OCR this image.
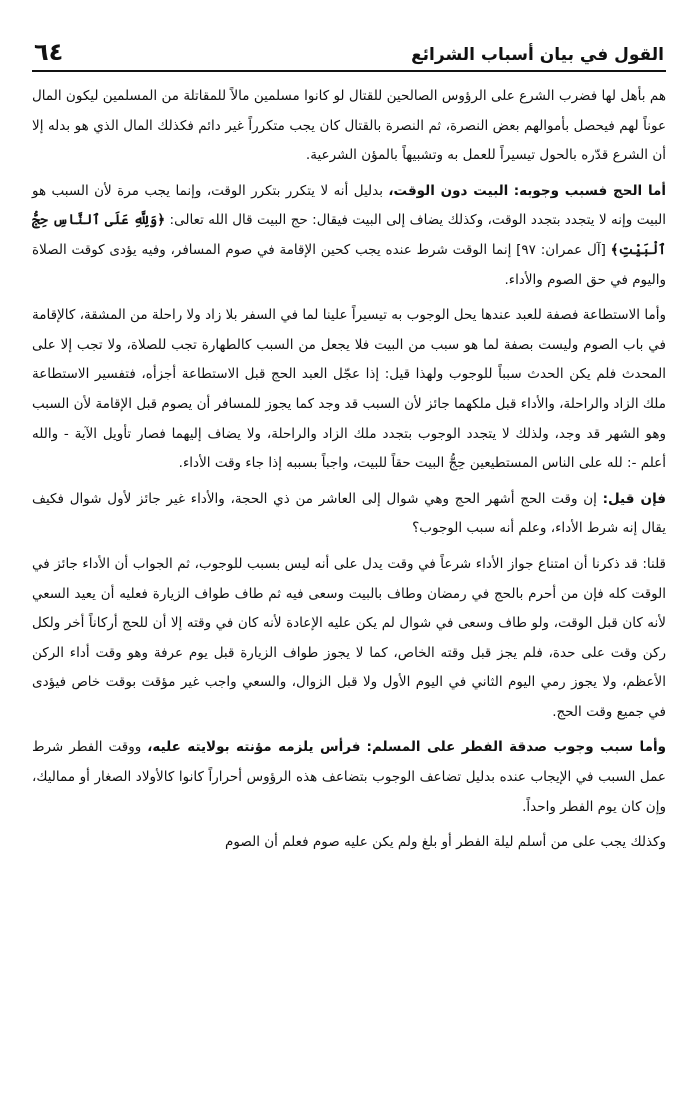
القول في بيان أسباب الشرائع
٦٤

هم بأهل لها فضرب الشرع على الرؤوس الصالحين للقتال لو كانوا مسلمين مالاً للمقاتلة من المسلمين ليكون المال عوناً لهم فيحصل بأموالهم بعض النصرة، ثم النصرة بالقتال كان يجب متكرراً غير دائم فكذلك المال الذي هو بدله إلا أن الشرع قدّره بالحول تيسيراً للعمل به وتشبيهاً بالمؤن الشرعية.

أما الحج فسبب وجوبه: البيت دون الوقت، بدليل أنه لا يتكرر بتكرر الوقت، وإنما يجب مرة لأن السبب هو البيت وإنه لا يتجدد بتجدد الوقت، وكذلك يضاف إلى البيت فيقال: حج البيت قال الله تعالى: ﴿وَلِلَّهِ عَلَى ٱلنَّاسِ حِجُّ ٱلْبَيْتِ﴾ [آل عمران: ٩٧] إنما الوقت شرط عنده يجب كحين الإقامة في صوم المسافر، وفيه يؤدى كوقت الصلاة واليوم في حق الصوم والأداء.

وأما الاستطاعة فصفة للعبد عندها يحل الوجوب به تيسيراً علينا لما في السفر بلا زاد ولا راحلة من المشقة، كالإقامة في باب الصوم وليست بصفة لما هو سبب من البيت فلا يجعل من السبب كالطهارة تجب للصلاة، ولا تجب إلا على المحدث فلم يكن الحدث سبباً للوجوب ولهذا قيل: إذا عجّل العبد الحج قبل الاستطاعة أجزأه، فتفسير الاستطاعة ملك الزاد والراحلة، والأداء قبل ملكهما جائز لأن السبب قد وجد كما يجوز للمسافر أن يصوم قبل الإقامة لأن السبب وهو الشهر قد وجد، ولذلك لا يتجدد الوجوب بتجدد ملك الزاد والراحلة، ولا يضاف إليهما فصار تأويل الآية - والله أعلم -: لله على الناس المستطيعين حِجُّ البيت حقاً للبيت، واجباً بسببه إذا جاء وقت الأداء.

فإن قيل: إن وقت الحج أشهر الحج وهي شوال إلى العاشر من ذي الحجة، والأداء غير جائز لأول شوال فكيف يقال إنه شرط الأداء، وعلم أنه سبب الوجوب؟

قلنا: قد ذكرنا أن امتناع جواز الأداء شرعاً في وقت يدل على أنه ليس بسبب للوجوب، ثم الجواب أن الأداء جائز في الوقت كله فإن من أحرم بالحج في رمضان وطاف بالبيت وسعى فيه ثم طاف طواف الزيارة فعليه أن يعيد السعي لأنه كان قبل الوقت، ولو طاف وسعى في شوال لم يكن عليه الإعادة لأنه كان في وقته إلا أن للحج أركاناً أخر ولكل ركن وقت على حدة، فلم يجز قبل وقته الخاص، كما لا يجوز طواف الزيارة قبل يوم عرفة وهو وقت أداء الركن الأعظم، ولا يجوز رمي اليوم الثاني في اليوم الأول ولا قبل الزوال، والسعي واجب غير مؤقت بوقت خاص فيؤدى في جميع وقت الحج.

وأما سبب وجوب صدقة الفطر على المسلم: فرأس يلزمه مؤنته بولايته عليه، ووقت الفطر شرط عمل السبب في الإيجاب عنده بدليل تضاعف الوجوب بتضاعف هذه الرؤوس أحراراً كانوا كالأولاد الصغار أو مماليك، وإن كان يوم الفطر واحداً.

وكذلك يجب على من أسلم ليلة الفطر أو بلغ ولم يكن عليه صوم فعلم أن الصوم
